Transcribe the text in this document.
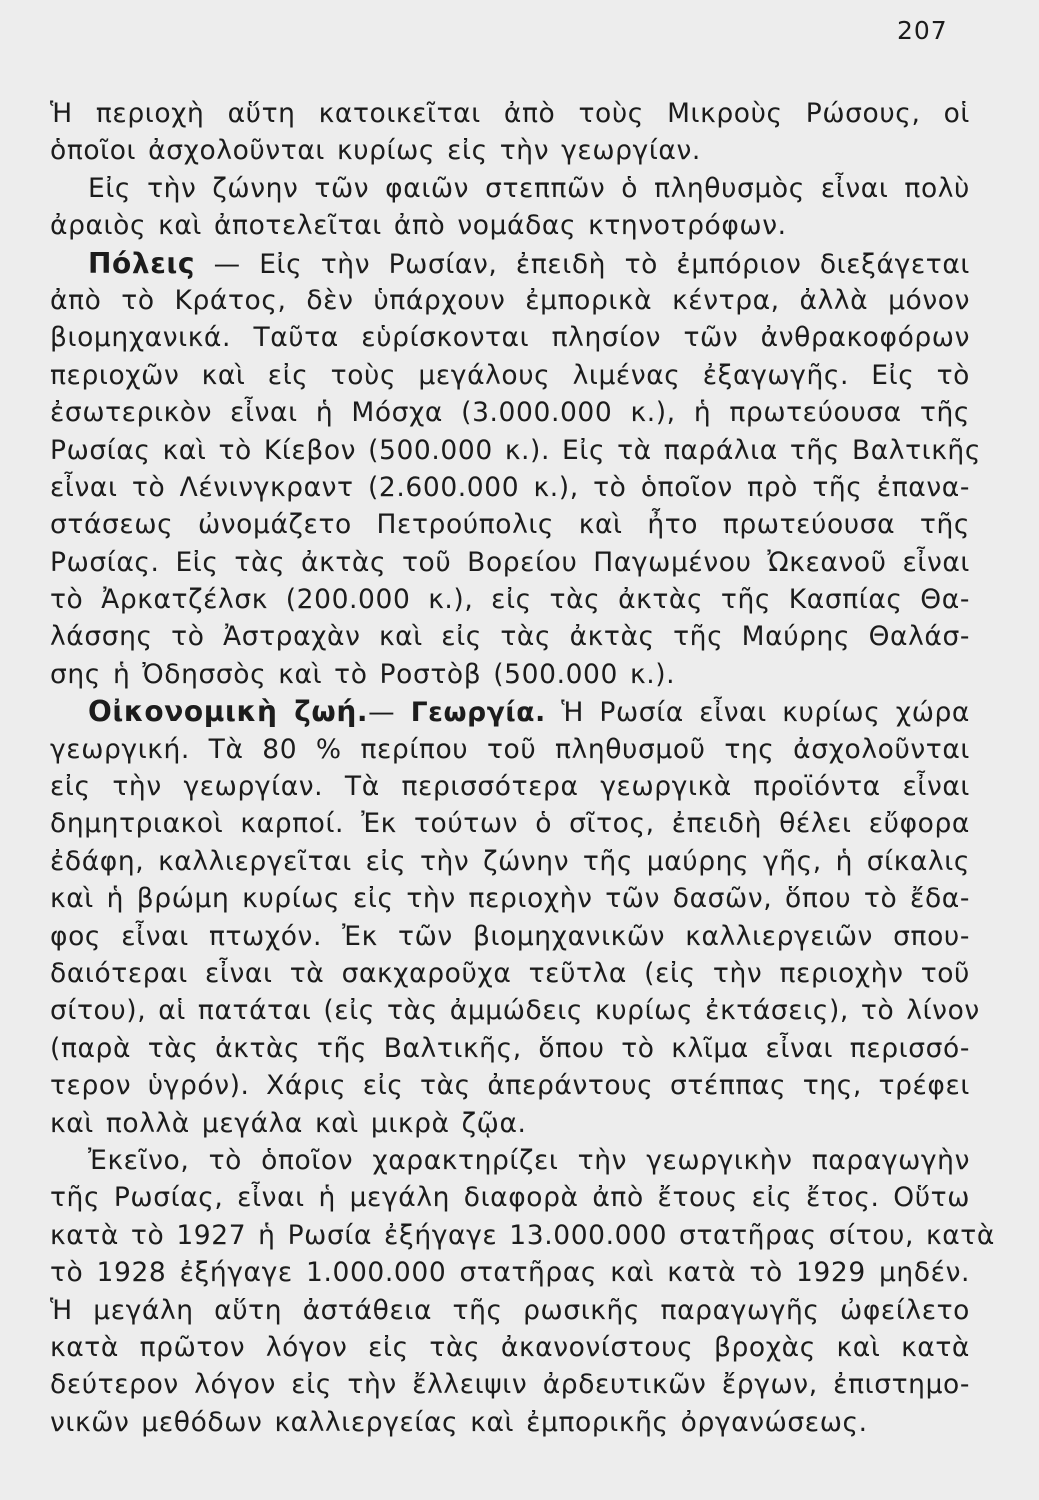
207
Ἡ περιοχὴ αὕτη κατοικεῖται ἀπὸ τοὺς Μικροὺς Ρώσους, οἱ
ὁποῖοι ἀσχολοῦνται κυρίως εἰς τὴν γεωργίαν.
Εἰς τὴν ζώνην τῶν φαιῶν στεππῶν ὁ πληθυσμὸς εἶναι πολὺ
ἀραιὸς καὶ ἀποτελεῖται ἀπὸ νομάδας κτηνοτρόφων.
Πόλεις — Εἰς τὴν Ρωσίαν, ἐπειδὴ τὸ ἐμπόριον διεξάγεται
ἀπὸ τὸ Κράτος, δὲν ὑπάρχουν ἐμπορικὰ κέντρα, ἀλλὰ μόνον
βιομηχανικά. Ταῦτα εὑρίσκονται πλησίον τῶν ἀνθρακοφόρων
περιοχῶν καὶ εἰς τοὺς μεγάλους λιμένας ἐξαγωγῆς. Εἰς τὸ
ἐσωτερικὸν εἶναι ἡ Μόσχα (3.000.000 κ.), ἡ πρωτεύουσα τῆς
Ρωσίας καὶ τὸ Κίεβον (500.000 κ.). Εἰς τὰ παράλια τῆς Βαλτικῆς
εἶναι τὸ Λένινγκραντ (2.600.000 κ.), τὸ ὁποῖον πρὸ τῆς ἐπανα-
στάσεως ὠνομάζετο Πετρούπολις καὶ ἦτο πρωτεύουσα τῆς
Ρωσίας. Εἰς τὰς ἀκτὰς τοῦ Βορείου Παγωμένου Ὠκεανοῦ εἶναι
τὸ Ἀρκατζέλσκ (200.000 κ.), εἰς τὰς ἀκτὰς τῆς Κασπίας Θα-
λάσσης τὸ Ἀστραχὰν καὶ εἰς τὰς ἀκτὰς τῆς Μαύρης Θαλάσ-
σης ἡ Ὀδησσὸς καὶ τὸ Ροστὸβ (500.000 κ.).
Οἰκονομικὴ ζωή.— Γεωργία. Ἡ Ρωσία εἶναι κυρίως χώρα
γεωργική. Τὰ 80 % περίπου τοῦ πληθυσμοῦ της ἀσχολοῦνται
εἰς τὴν γεωργίαν. Τὰ περισσότερα γεωργικὰ προϊόντα εἶναι
δημητριακοὶ καρποί. Ἐκ τούτων ὁ σῖτος, ἐπειδὴ θέλει εὔφορα
ἐδάφη, καλλιεργεῖται εἰς τὴν ζώνην τῆς μαύρης γῆς, ἡ σίκαλις
καὶ ἡ βρώμη κυρίως εἰς τὴν περιοχὴν τῶν δασῶν, ὅπου τὸ ἔδα-
φος εἶναι πτωχόν. Ἐκ τῶν βιομηχανικῶν καλλιεργειῶν σπου-
δαιότεραι εἶναι τὰ σακχαροῦχα τεῦτλα (εἰς τὴν περιοχὴν τοῦ
σίτου), αἱ πατάται (εἰς τὰς ἀμμώδεις κυρίως ἐκτάσεις), τὸ λίνον
(παρὰ τὰς ἀκτὰς τῆς Βαλτικῆς, ὅπου τὸ κλῖμα εἶναι περισσό-
τερον ὑγρόν). Χάρις εἰς τὰς ἀπεράντους στέππας της, τρέφει
καὶ πολλὰ μεγάλα καὶ μικρὰ ζῷα.
Ἐκεῖνο, τὸ ὁποῖον χαρακτηρίζει τὴν γεωργικὴν παραγωγὴν
τῆς Ρωσίας, εἶναι ἡ μεγάλη διαφορὰ ἀπὸ ἔτους εἰς ἔτος. Οὕτω
κατὰ τὸ 1927 ἡ Ρωσία ἐξήγαγε 13.000.000 στατῆρας σίτου, κατὰ
τὸ 1928 ἐξήγαγε 1.000.000 στατῆρας καὶ κατὰ τὸ 1929 μηδέν.
Ἡ μεγάλη αὕτη ἀστάθεια τῆς ρωσικῆς παραγωγῆς ὠφείλετο
κατὰ πρῶτον λόγον εἰς τὰς ἀκανονίστους βροχὰς καὶ κατὰ
δεύτερον λόγον εἰς τὴν ἔλλειψιν ἀρδευτικῶν ἔργων, ἐπιστημο-
νικῶν μεθόδων καλλιεργείας καὶ ἐμπορικῆς ὀργανώσεως.
